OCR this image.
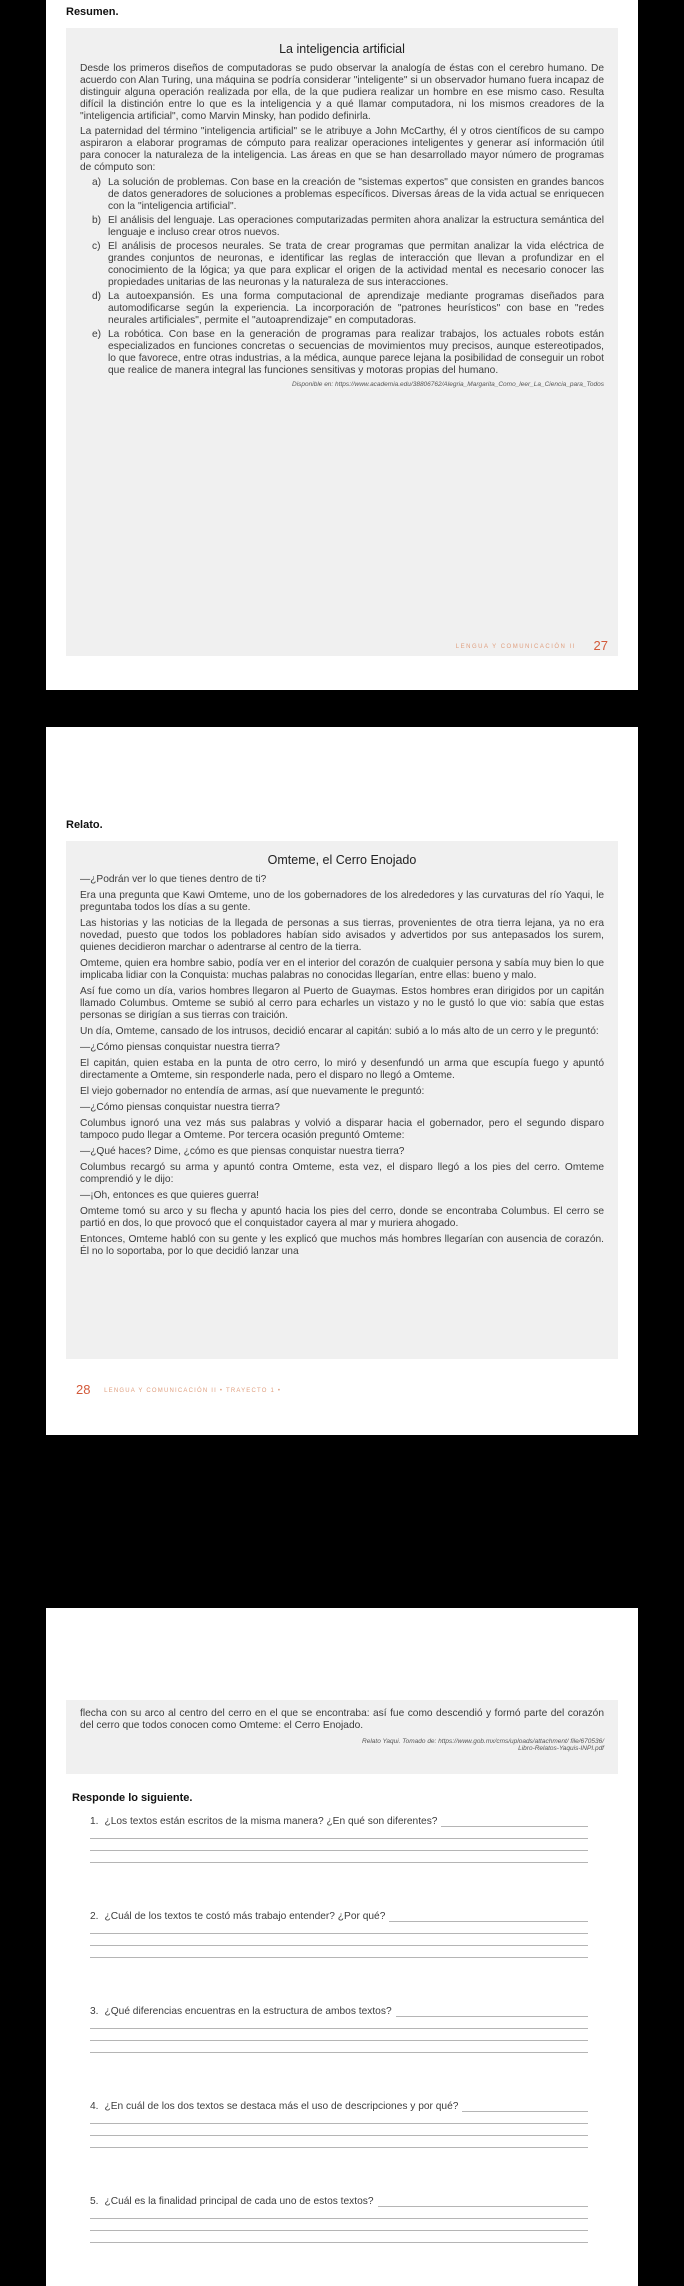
Resumen.
La inteligencia artificial

Desde los primeros diseños de computadoras se pudo observar la analogía de éstas con el cerebro humano. De acuerdo con Alan Turing, una máquina se podría considerar "inteligente" si un observador humano fuera incapaz de distinguir alguna operación realizada por ella, de la que pudiera realizar un hombre en ese mismo caso. Resulta difícil la distinción entre lo que es la inteligencia y a qué llamar computadora, ni los mismos creadores de la "inteligencia artificial", como Marvin Minsky, han podido definirla.

La paternidad del término "inteligencia artificial" se le atribuye a John McCarthy, él y otros científicos de su campo aspiraron a elaborar programas de cómputo para realizar operaciones inteligentes y generar así información útil para conocer la naturaleza de la inteligencia. Las áreas en que se han desarrollado mayor número de programas de cómputo son:

a) La solución de problemas. Con base en la creación de "sistemas expertos" que consisten en grandes bancos de datos generadores de soluciones a problemas específicos. Diversas áreas de la vida actual se enriquecen con la "inteligencia artificial".
b) El análisis del lenguaje. Las operaciones computarizadas permiten ahora analizar la estructura semántica del lenguaje e incluso crear otros nuevos.
c) El análisis de procesos neurales. Se trata de crear programas que permitan analizar la vida eléctrica de grandes conjuntos de neuronas, e identificar las reglas de interacción que llevan a profundizar en el conocimiento de la lógica; ya que para explicar el origen de la actividad mental es necesario conocer las propiedades unitarias de las neuronas y la naturaleza de sus interacciones.
d) La autoexpansión. Es una forma computacional de aprendizaje mediante programas diseñados para automodificarse según la experiencia. La incorporación de "patrones heurísticos" con base en "redes neurales artificiales", permite el "autoaprendizaje" en computadoras.
e) La robótica. Con base en la generación de programas para realizar trabajos, los actuales robots están especializados en funciones concretas o secuencias de movimientos muy precisos, aunque estereotipados, lo que favorece, entre otras industrias, a la médica, aunque parece lejana la posibilidad de conseguir un robot que realice de manera integral las funciones sensitivas y motoras propias del humano.
Disponible en: https://www.academia.edu/38806762/Alegria_Margarita_Como_leer_La_Ciencia_para_Todos
LENGUA Y COMUNICACIÓN II 27
Relato.
Omteme, el Cerro Enojado

—¿Podrán ver lo que tienes dentro de ti?

Era una pregunta que Kawi Omteme, uno de los gobernadores de los alrededores y las curvaturas del río Yaqui, le preguntaba todos los días a su gente.

Las historias y las noticias de la llegada de personas a sus tierras, provenientes de otra tierra lejana, ya no era novedad, puesto que todos los pobladores habían sido avisados y advertidos por sus antepasados los surem, quienes decidieron marchar o adentrarse al centro de la tierra.

Omteme, quien era hombre sabio, podía ver en el interior del corazón de cualquier persona y sabía muy bien lo que implicaba lidiar con la Conquista: muchas palabras no conocidas llegarían, entre ellas: bueno y malo.

Así fue como un día, varios hombres llegaron al Puerto de Guaymas. Estos hombres eran dirigidos por un capitán llamado Columbus. Omteme se subió al cerro para echarles un vistazo y no le gustó lo que vio: sabía que estas personas se dirigían a sus tierras con traición.

Un día, Omteme, cansado de los intrusos, decidió encarar al capitán: subió a lo más alto de un cerro y le preguntó:

—¿Cómo piensas conquistar nuestra tierra?

El capitán, quien estaba en la punta de otro cerro, lo miró y desenfundó un arma que escupía fuego y apuntó directamente a Omteme, sin responderle nada, pero el disparo no llegó a Omteme.

El viejo gobernador no entendía de armas, así que nuevamente le preguntó:

—¿Cómo piensas conquistar nuestra tierra?

Columbus ignoró una vez más sus palabras y volvió a disparar hacia el gobernador, pero el segundo disparo tampoco pudo llegar a Omteme. Por tercera ocasión preguntó Omteme:

—¿Qué haces? Dime, ¿cómo es que piensas conquistar nuestra tierra?

Columbus recargó su arma y apuntó contra Omteme, esta vez, el disparo llegó a los pies del cerro. Omteme comprendió y le dijo:

—¡Oh, entonces es que quieres guerra!

Omteme tomó su arco y su flecha y apuntó hacia los pies del cerro, donde se encontraba Columbus. El cerro se partió en dos, lo que provocó que el conquistador cayera al mar y muriera ahogado.

Entonces, Omteme habló con su gente y les explicó que muchos más hombres llegarían con ausencia de corazón. Él no lo soportaba, por lo que decidió lanzar una

28 LENGUA Y COMUNICACIÓN II • TRAYECTO 1 •

flecha con su arco al centro del cerro en el que se encontraba: así fue como descendió y formó parte del corazón del cerro que todos conocen como Omteme: el Cerro Enojado.

Relato Yaqui. Tomado de: https://www.gob.mx/cms/uploads/attachment/ file/670536/
Libro-Relatos-Yaquis-INPI.pdf
Responde lo siguiente.
1. ¿Los textos están escritos de la misma manera? ¿En qué son diferentes?
2. ¿Cuál de los textos te costó más trabajo entender? ¿Por qué?
3. ¿Qué diferencias encuentras en la estructura de ambos textos?
4. ¿En cuál de los dos textos se destaca más el uso de descripciones y por qué?
5. ¿Cuál es la finalidad principal de cada uno de estos textos?
